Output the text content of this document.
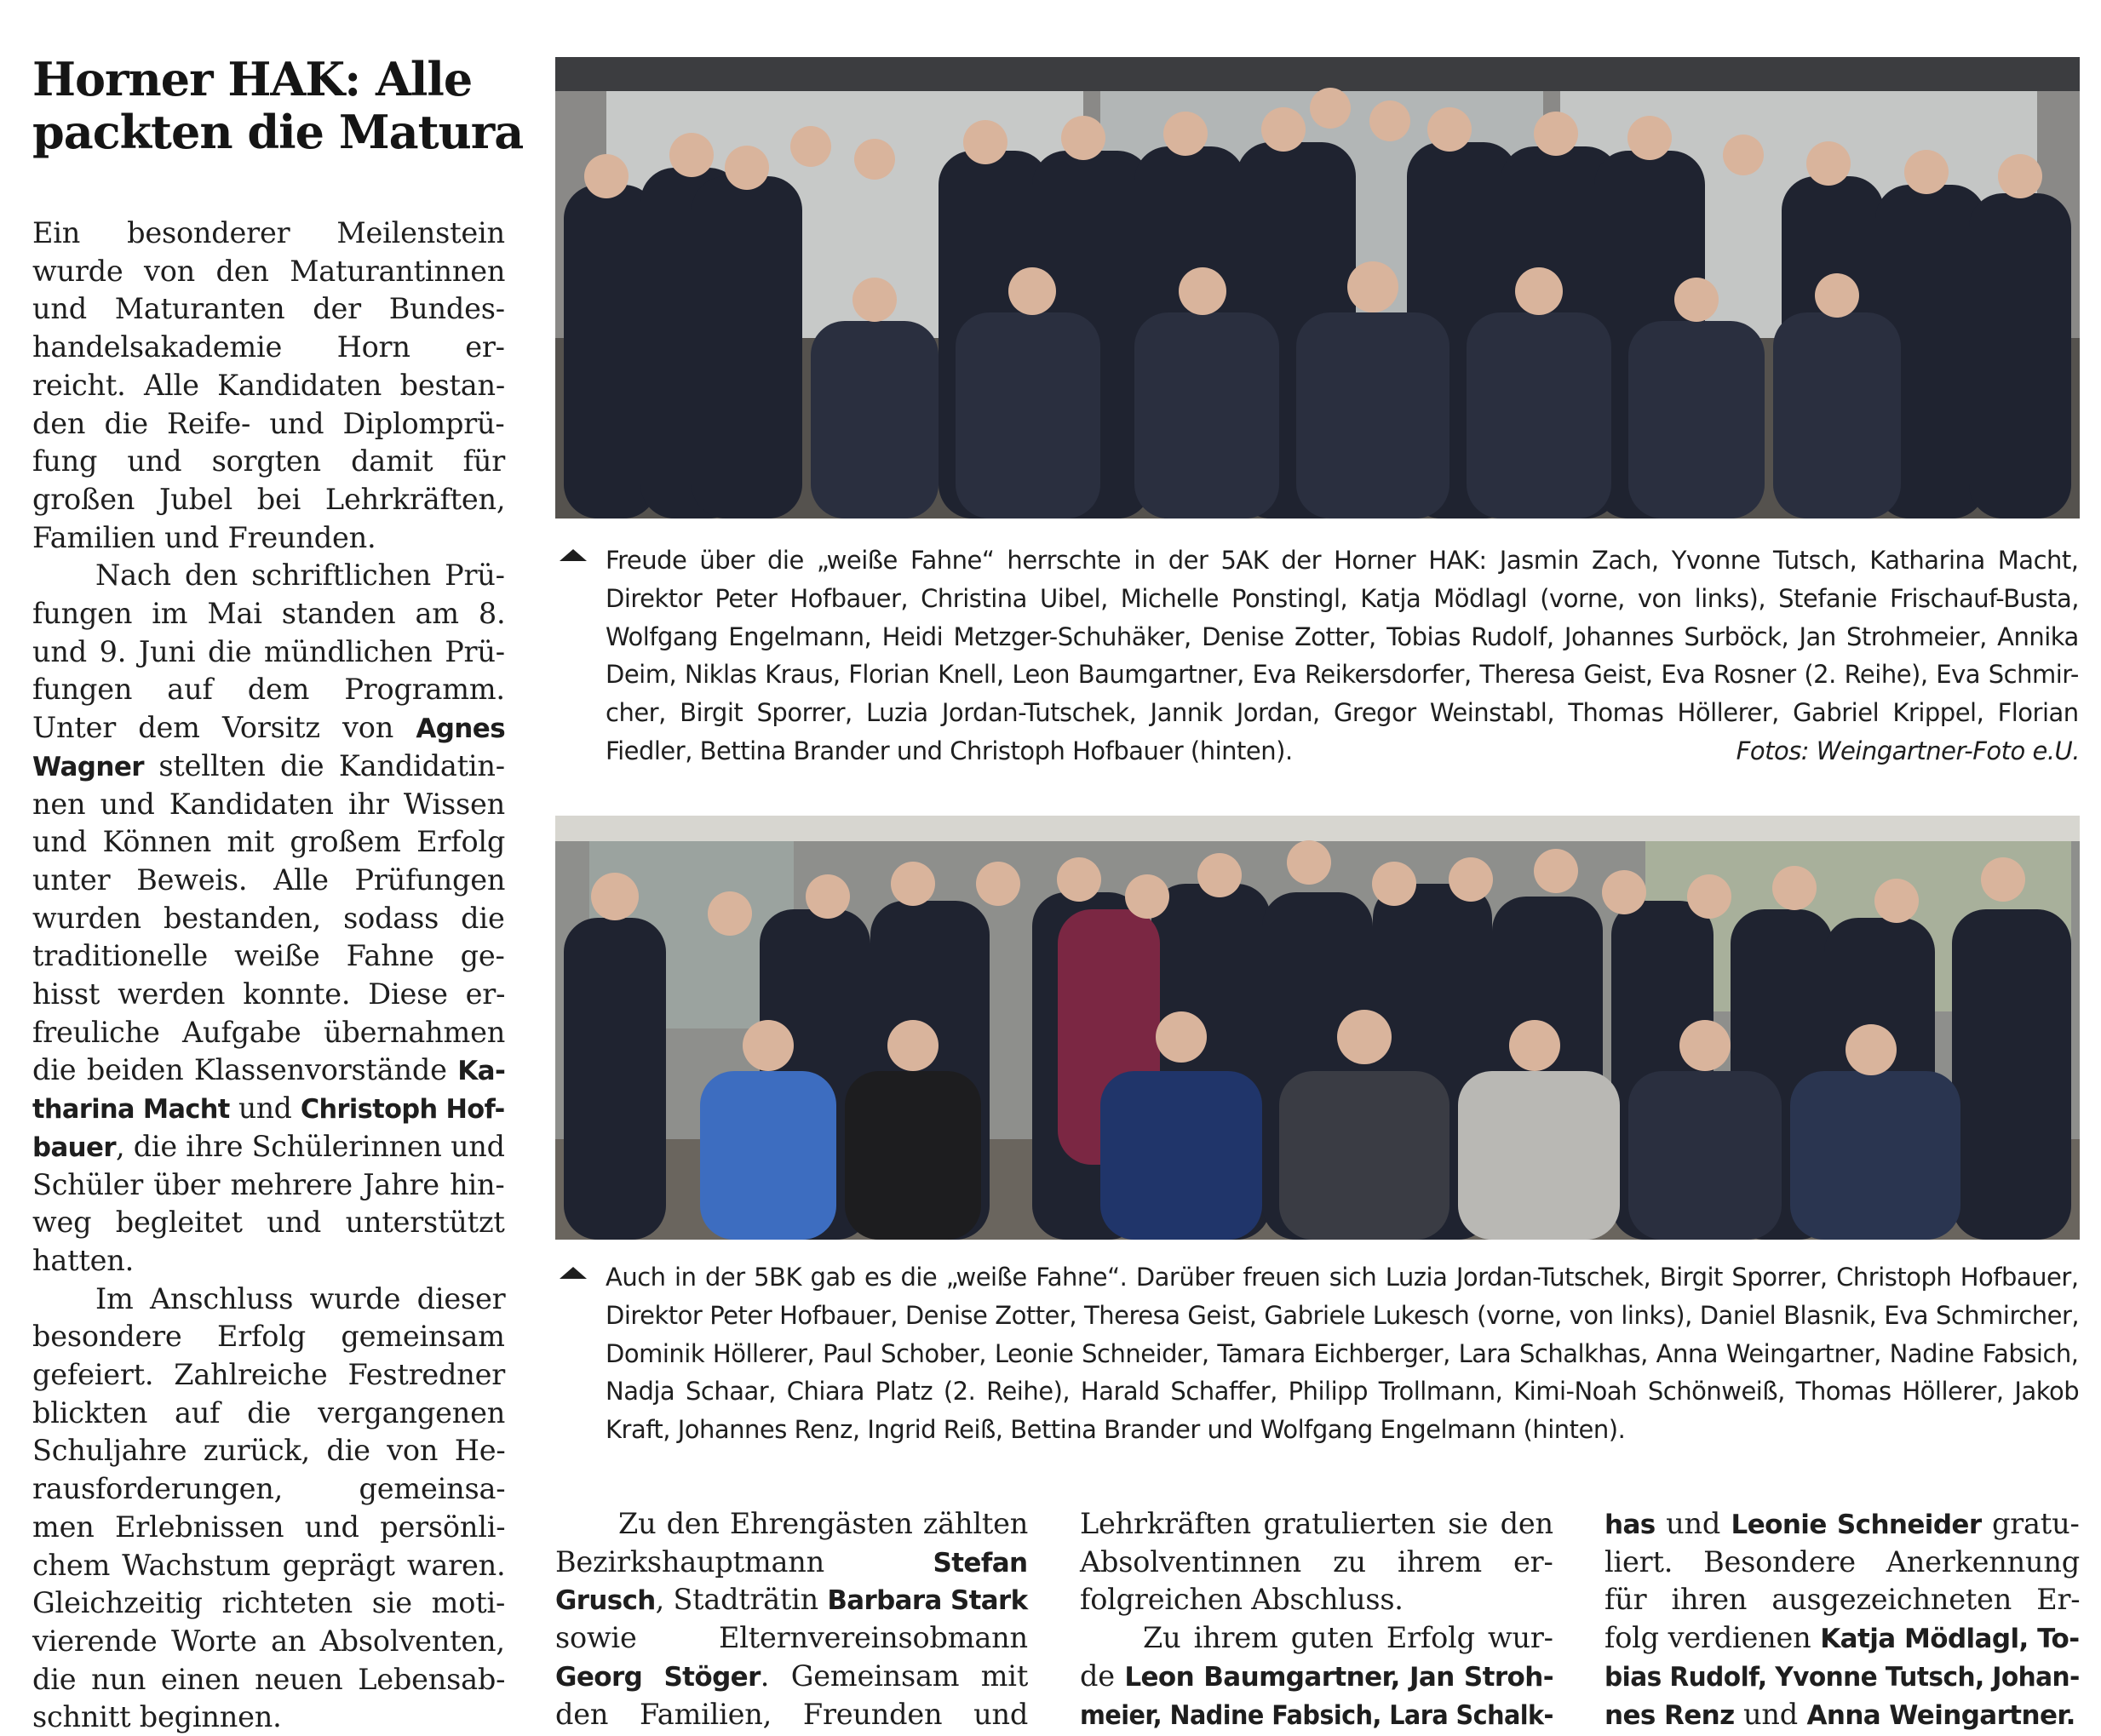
Horner HAK: Alle
packten die Matura
Ein besonderer Meilenstein
wurde von den Maturantinnen
und Maturanten der Bundes-
handelsakademie Horn er-
reicht. Alle Kandidaten bestan-
den die Reife- und Diplomprü-
fung und sorgten damit für
großen Jubel bei Lehrkräften,
Familien und Freunden.
Nach den schriftlichen Prü-
fungen im Mai standen am 8.
und 9. Juni die mündlichen Prü-
fungen auf dem Programm.
Unter dem Vorsitz von Agnes
Wagner stellten die Kandidatin-
nen und Kandidaten ihr Wissen
und Können mit großem Erfolg
unter Beweis. Alle Prüfungen
wurden bestanden, sodass die
traditionelle weiße Fahne ge-
hisst werden konnte. Diese er-
freuliche Aufgabe übernahmen
die beiden Klassenvorstände Ka-
tharina Macht und Christoph Hof-
bauer, die ihre Schülerinnen und
Schüler über mehrere Jahre hin-
weg begleitet und unterstützt
hatten.
Im Anschluss wurde dieser
besondere Erfolg gemeinsam
gefeiert. Zahlreiche Festredner
blickten auf die vergangenen
Schuljahre zurück, die von He-
rausforderungen, gemeinsa-
men Erlebnissen und persönli-
chem Wachstum geprägt waren.
Gleichzeitig richteten sie moti-
vierende Worte an Absolventen,
die nun einen neuen Lebensab-
schnitt beginnen.
Freude über die „weiße Fahne“ herrschte in der 5AK der Horner HAK: Jasmin Zach, Yvonne Tutsch, Katharina Macht,
Direktor Peter Hofbauer, Christina Uibel, Michelle Ponstingl, Katja Mödlagl (vorne, von links), Stefanie Frischauf-Busta,
Wolfgang Engelmann, Heidi Metzger-Schuhäker, Denise Zotter, Tobias Rudolf, Johannes Surböck, Jan Strohmeier, Annika
Deim, Niklas Kraus, Florian Knell, Leon Baumgartner, Eva Reikersdorfer, Theresa Geist, Eva Rosner (2. Reihe), Eva Schmir-
cher, Birgit Sporrer, Luzia Jordan-Tutschek, Jannik Jordan, Gregor Weinstabl, Thomas Höllerer, Gabriel Krippel, Florian
Fiedler, Bettina Brander und Christoph Hofbauer (hinten).	Fotos: Weingartner-Foto e.U.
Auch in der 5BK gab es die „weiße Fahne“. Darüber freuen sich Luzia Jordan-Tutschek, Birgit Sporrer, Christoph Hofbauer,
Direktor Peter Hofbauer, Denise Zotter, Theresa Geist, Gabriele Lukesch (vorne, von links), Daniel Blasnik, Eva Schmircher,
Dominik Höllerer, Paul Schober, Leonie Schneider, Tamara Eichberger, Lara Schalkhas, Anna Weingartner, Nadine Fabsich,
Nadja Schaar, Chiara Platz (2. Reihe), Harald Schaffer, Philipp Trollmann, Kimi-Noah Schönweiß, Thomas Höllerer, Jakob
Kraft, Johannes Renz, Ingrid Reiß, Bettina Brander und Wolfgang Engelmann (hinten).
Zu den Ehrengästen zählten
Bezirkshauptmann Stefan
Grusch, Stadträtin Barbara Stark
sowie Elternvereinsobmann
Georg Stöger. Gemeinsam mit
den Familien, Freunden und
Lehrkräften gratulierten sie den
Absolventinnen zu ihrem er-
folgreichen Abschluss.
Zu ihrem guten Erfolg wur-
de Leon Baumgartner, Jan Stroh-
meier, Nadine Fabsich, Lara Schalk-
has und Leonie Schneider gratu-
liert. Besondere Anerkennung
für ihren ausgezeichneten Er-
folg verdienen Katja Mödlagl, To-
bias Rudolf, Yvonne Tutsch, Johan-
nes Renz und Anna Weingartner.
